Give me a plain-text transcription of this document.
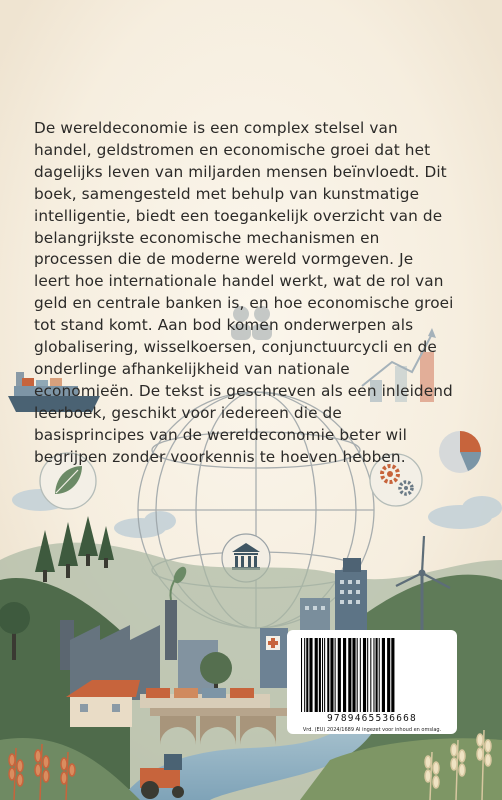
De wereldeconomie is een complex stelsel van handel, geldstromen en economische groei dat het dagelijks leven van miljarden mensen beïnvloedt. Dit boek, samengesteld met behulp van kunstmatige intelligentie, biedt een toegankelijk overzicht van de belangrijkste economische mechanismen en processen die de moderne wereld vormgeven. Je leert hoe internationale handel werkt, wat de rol van geld en centrale banken is, en hoe economische groei tot stand komt. Aan bod komen onderwerpen als globalisering, wisselkoersen, conjunctuurcycli en de onderlinge afhankelijkheid van nationale economieën. De tekst is geschreven als een inleidend leerboek, geschikt voor iedereen die de basisprincipes van de wereldeconomie beter wil begrijpen zonder voorkennis te hoeven hebben.

9789465536668
Vrd. (EU) 2024/1689 AI ingezet voor inhoud en omslag.
